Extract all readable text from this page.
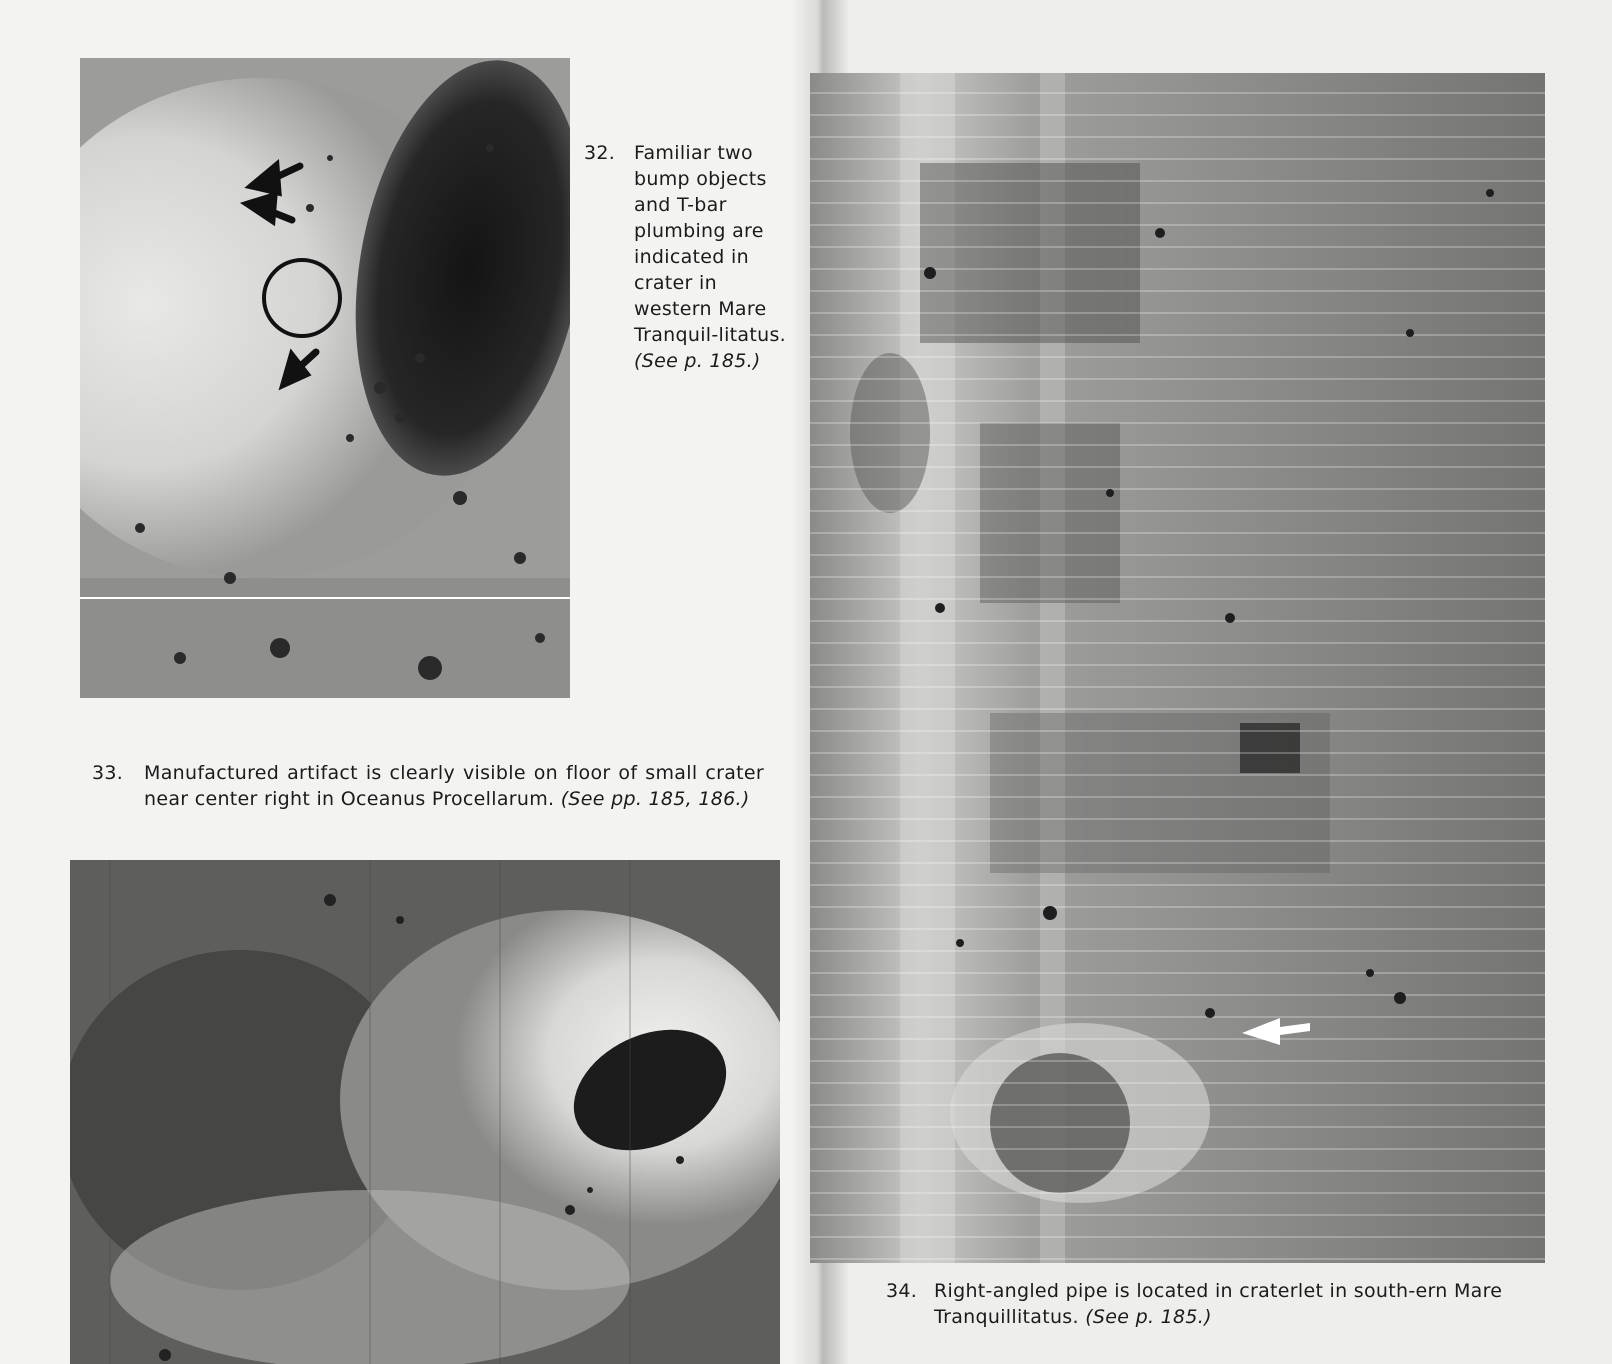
32. Familiar two bump objects and T-bar plumbing are indicated in crater in western Mare Tranquil-litatus. (See p. 185.)
33. Manufactured artifact is clearly visible on floor of small crater near center right in Oceanus Procellarum. (See pp. 185, 186.)
34. Right-angled pipe is located in craterlet in south-ern Mare Tranquillitatus. (See p. 185.)
